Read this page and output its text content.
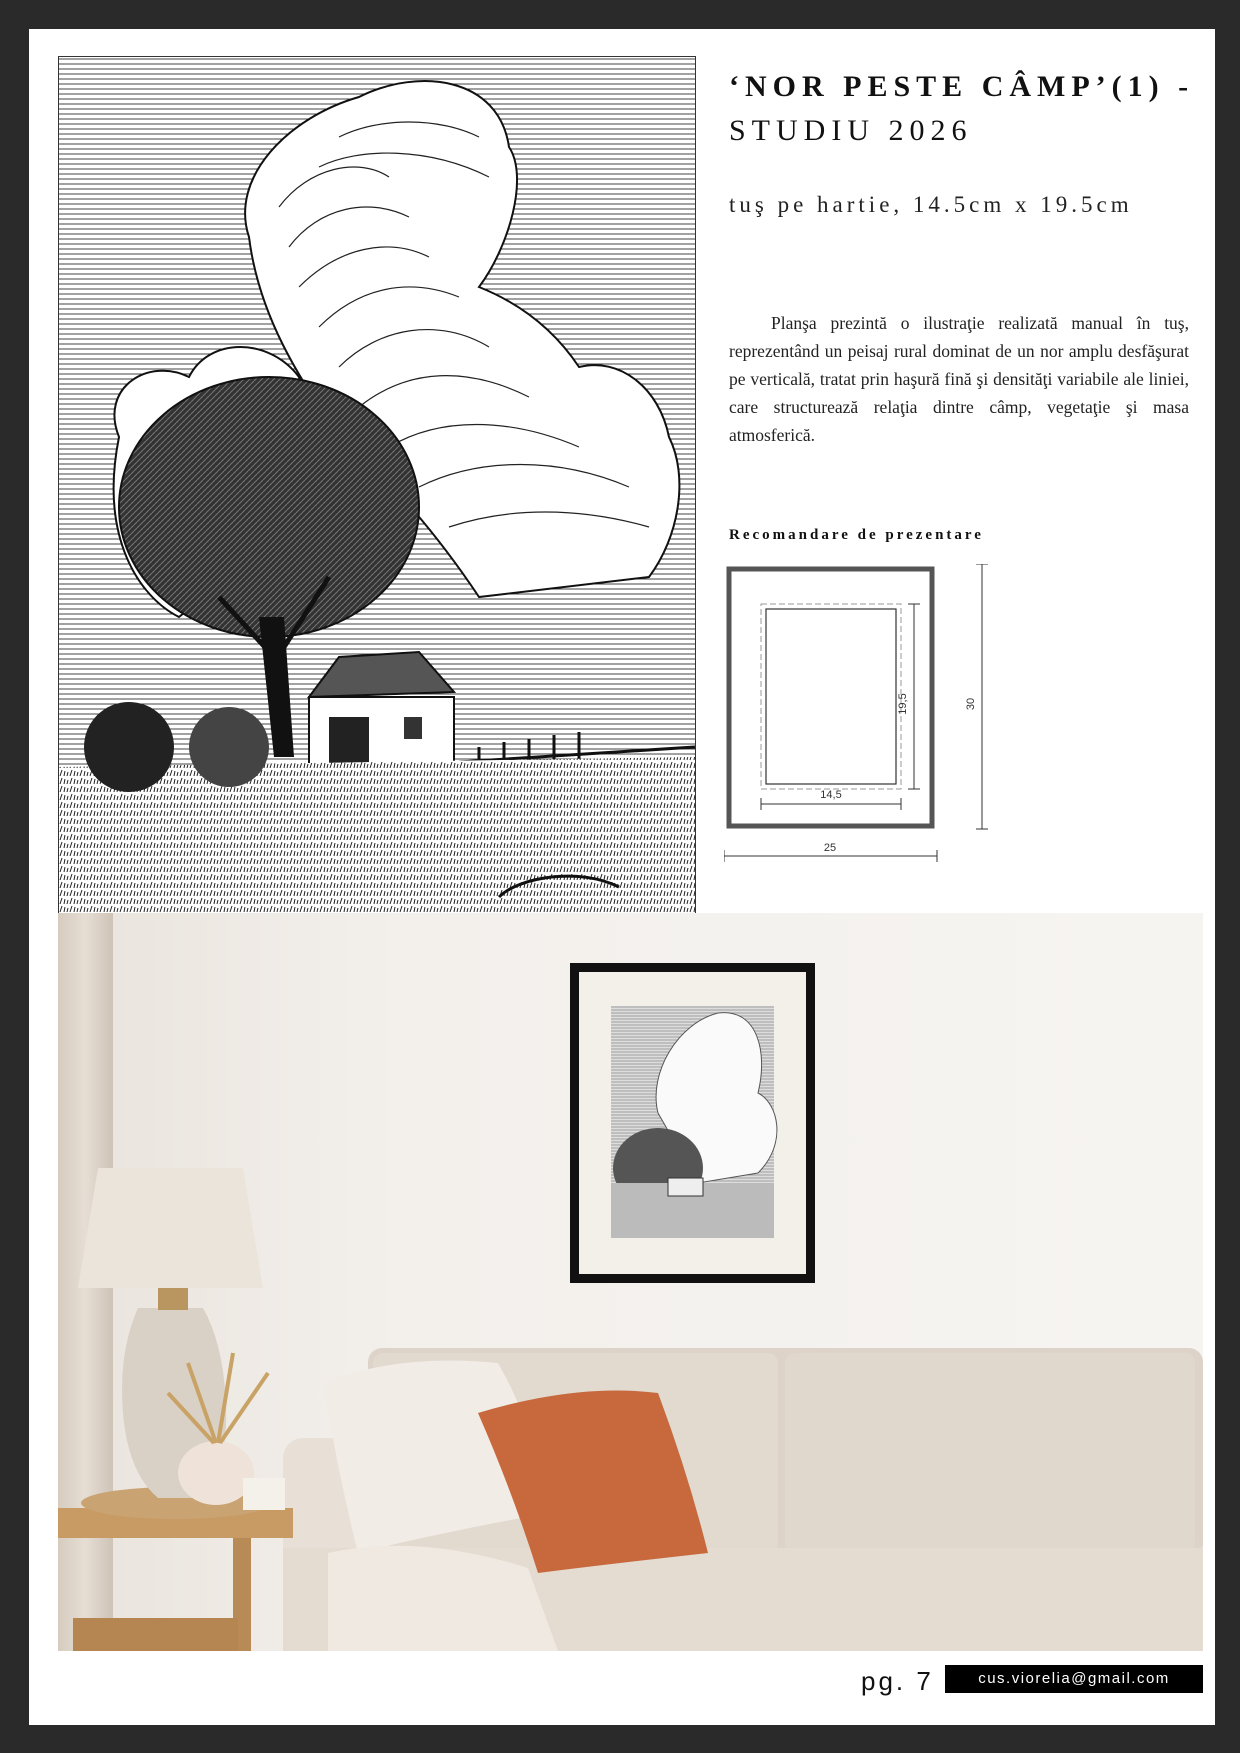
‘NOR PESTE CÂMP’(1) -
STUDIU 2026
tuş pe hartie, 14.5cm x 19.5cm

Planşa prezintă o ilustraţie realizată manual în tuş, reprezentând un peisaj rural dominat de un nor amplu desfăşurat pe verticală, tratat prin haşură fină şi densităţi variabile ale liniei, care structurează relaţia dintre câmp, vegetaţie şi masa atmosferică.

Recomandare de prezentare
14,5
19,5
25
30
pg. 7	cus.viorelia@gmail.com
